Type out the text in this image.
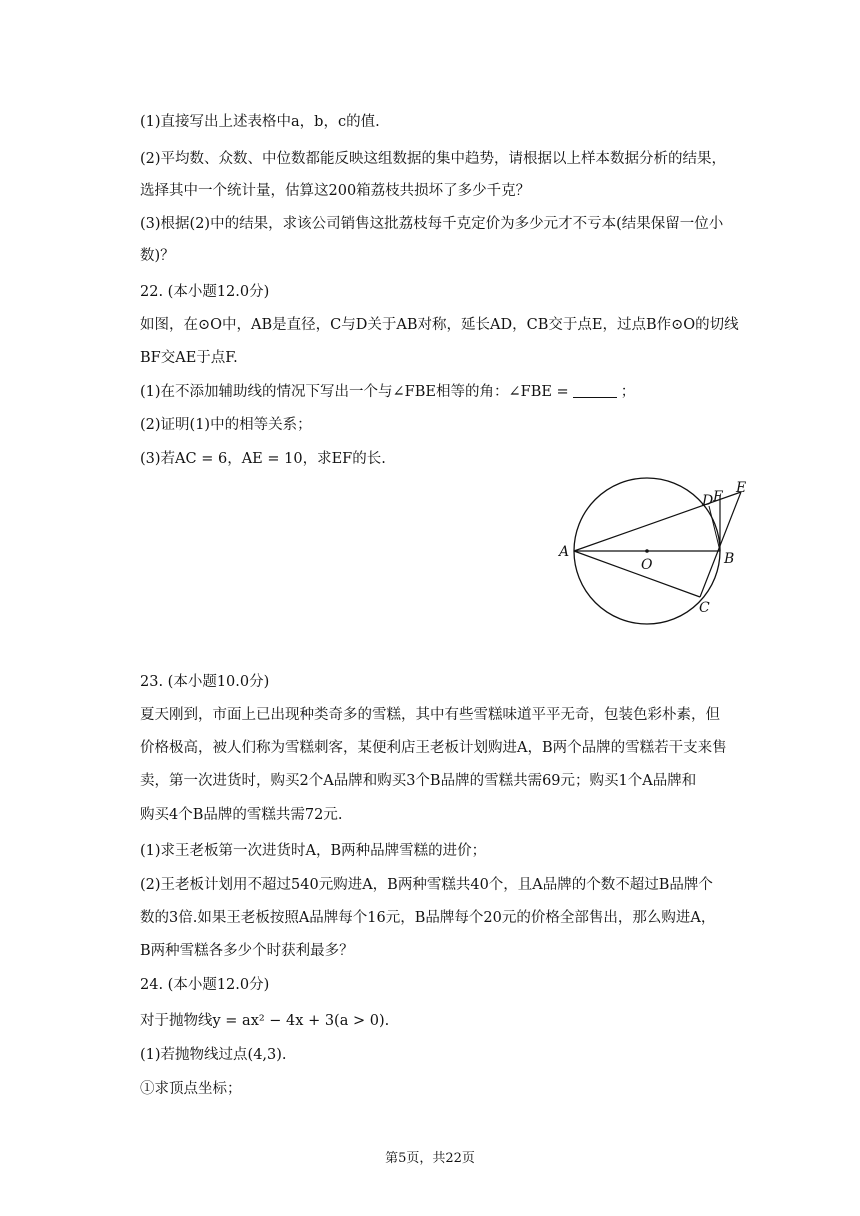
(1)直接写出上述表格中a，b，c的值.
(2)平均数、众数、中位数都能反映这组数据的集中趋势，请根据以上样本数据分析的结果，
选择其中一个统计量，估算这200箱荔枝共损坏了多少千克？
(3)根据(2)中的结果，求该公司销售这批荔枝每千克定价为多少元才不亏本(结果保留一位小
数)？
22. (本小题12.0分)
如图，在⊙O中，AB是直径，C与D关于AB对称，延长AD，CB交于点E，过点B作⊙O的切线
BF交AE于点F.
(1)在不添加辅助线的情况下写出一个与∠FBE相等的角：∠FBE =	；
(2)证明(1)中的相等关系；
(3)若AC = 6，AE = 10，求EF的长.
A	B
C
D F
E
O
23. (本小题10.0分)
夏天刚到，市面上已出现种类奇多的雪糕，其中有些雪糕味道平平无奇，包装色彩朴素，但
价格极高，被人们称为雪糕刺客，某便利店王老板计划购进A，B两个品牌的雪糕若干支来售
卖，第一次进货时，购买2个A品牌和购买3个B品牌的雪糕共需69元；购买1个A品牌和
购买4个B品牌的雪糕共需72元.
(1)求王老板第一次进货时A，B两种品牌雪糕的进价；
(2)王老板计划用不超过540元购进A，B两种雪糕共40个，且A品牌的个数不超过B品牌个
数的3倍.如果王老板按照A品牌每个16元，B品牌每个20元的价格全部售出，那么购进A，
B两种雪糕各多少个时获利最多？
24. (本小题12.0分)
对于抛物线y = ax² − 4x + 3(a > 0).
(1)若抛物线过点(4,3).
①求顶点坐标；
第5页，共22页
